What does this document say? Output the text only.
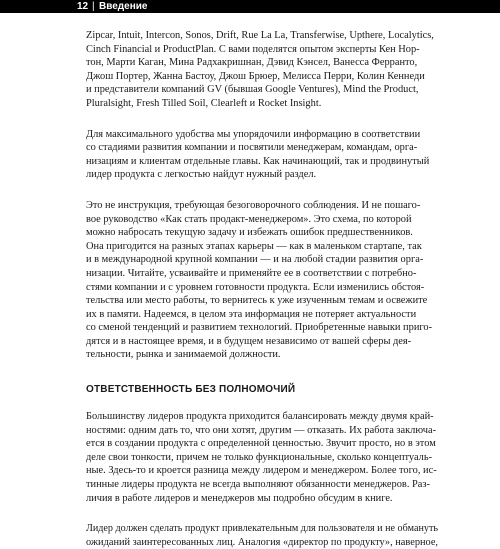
12 | Введение

Zipcar, Intuit, Intercon, Sonos, Drift, Rue La La, Transferwise, Upthere, Localytics,
Cinch Financial и ProductPlan. С вами поделятся опытом эксперты Кен Нор-
тон, Марти Каган, Мина Радхакришнан, Дэвид Кэнсел, Ванесса Ферранто,
Джош Портер, Жанна Бастоу, Джош Брюер, Мелисса Перри, Колин Кеннеди
и представители компаний GV (бывшая Google Ventures), Mind the Product,
Pluralsight, Fresh Tilled Soil, Clearleft и Rocket Insight.

Для максимального удобства мы упорядочили информацию в соответствии
со стадиями развития компании и посвятили менеджерам, командам, орга-
низациям и клиентам отдельные главы. Как начинающий, так и продвинутый
лидер продукта с легкостью найдут нужный раздел.

Это не инструкция, требующая безоговорочного соблюдения. И не пошаго-
вое руководство «Как стать продакт-менеджером». Это схема, по которой
можно набросать текущую задачу и избежать ошибок предшественников.
Она пригодится на разных этапах карьеры — как в маленьком стартапе, так
и в международной крупной компании — и на любой стадии развития орга-
низации. Читайте, усваивайте и применяйте ее в соответствии с потребно-
стями компании и с уровнем готовности продукта. Если изменились обстоя-
тельства или место работы, то вернитесь к уже изученным темам и освежите
их в памяти. Надеемся, в целом эта информация не потеряет актуальности
со сменой тенденций и развитием технологий. Приобретенные навыки приго-
дятся и в настоящее время, и в будущем независимо от вашей сферы дея-
тельности, рынка и занимаемой должности.

ОТВЕТСТВЕННОСТЬ БЕЗ ПОЛНОМОЧИЙ

Большинству лидеров продукта приходится балансировать между двумя край-
ностями: одним дать то, что они хотят, другим — отказать. Их работа заключа-
ется в создании продукта с определенной ценностью. Звучит просто, но в этом
деле свои тонкости, причем не только функциональные, сколько концептуаль-
ные. Здесь-то и кроется разница между лидером и менеджером. Более того, ис-
тинные лидеры продукта не всегда выполняют обязанности менеджеров. Раз-
личия в работе лидеров и менеджеров мы подробно обсудим в книге.

Лидер должен сделать продукт привлекательным для пользователя и не обмануть
ожиданий заинтересованных лиц. Аналогия «директор по продукту», наверное,
